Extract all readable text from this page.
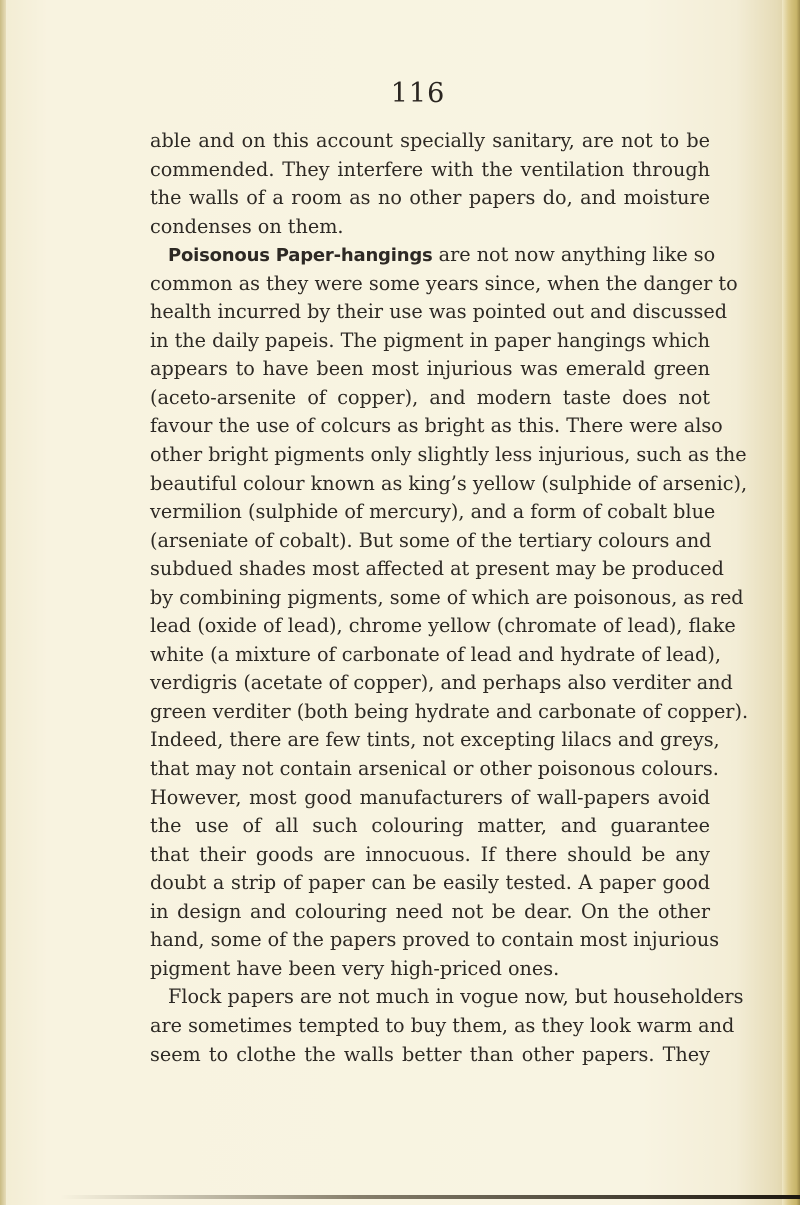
116
able and on this account specially sanitary, are not to be
commended. They interfere with the ventilation through
the walls of a room as no other papers do, and moisture
condenses on them.
Poisonous Paper-hangings are not now anything like so
common as they were some years since, when the danger to
health incurred by their use was pointed out and discussed
in the daily papeis. The pigment in paper hangings which
appears to have been most injurious was emerald green
(aceto-arsenite of copper), and modern taste does not
favour the use of colcurs as bright as this. There were also
other bright pigments only slightly less injurious, such as the
beautiful colour known as king’s yellow (sulphide of arsenic),
vermilion (sulphide of mercury), and a form of cobalt blue
(arseniate of cobalt). But some of the tertiary colours and
subdued shades most affected at present may be produced
by combining pigments, some of which are poisonous, as red
lead (oxide of lead), chrome yellow (chromate of lead), flake
white (a mixture of carbonate of lead and hydrate of lead),
verdigris (acetate of copper), and perhaps also verditer and
green verditer (both being hydrate and carbonate of copper).
Indeed, there are few tints, not excepting lilacs and greys,
that may not contain arsenical or other poisonous colours.
However, most good manufacturers of wall-papers avoid
the use of all such colouring matter, and guarantee
that their goods are innocuous. If there should be any
doubt a strip of paper can be easily tested. A paper good
in design and colouring need not be dear. On the other
hand, some of the papers proved to contain most injurious
pigment have been very high-priced ones.
Flock papers are not much in vogue now, but householders
are sometimes tempted to buy them, as they look warm and
seem to clothe the walls better than other papers. They
